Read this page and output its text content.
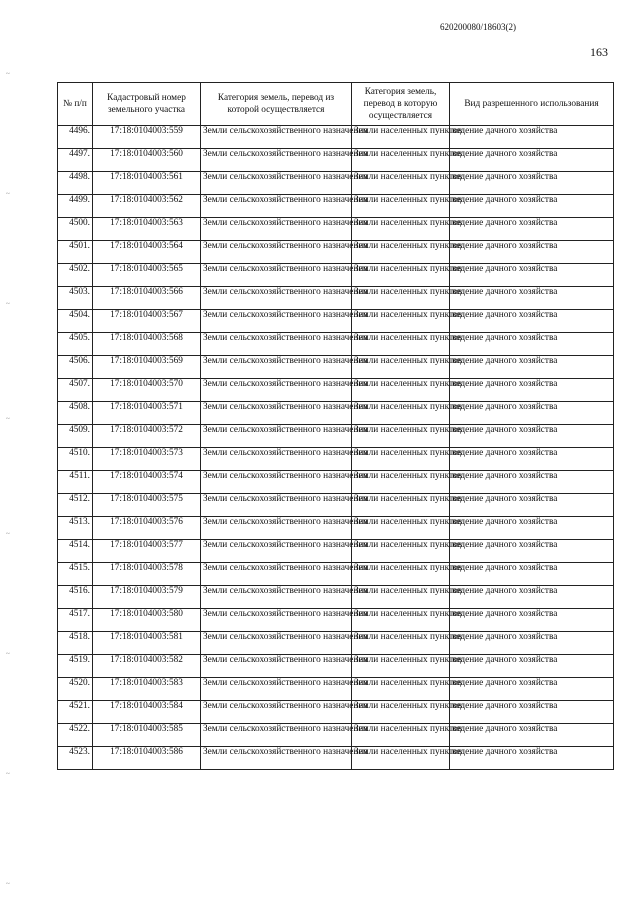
~
~
~
~
~
~
~
~
620200080/18603(2)
163
№ п/п	Кадастровый номер земельного участка	Категория земель, перевод из которой осуществляется	Категория земель, перевод в которую осуществляется	Вид разрешенного использования
4496.	17:18:0104003:559	Земли сельскохозяйственного назначения	Земли населенных пунктов	ведение дачного хозяйства
4497.	17:18:0104003:560	Земли сельскохозяйственного назначения	Земли населенных пунктов	ведение дачного хозяйства
4498.	17:18:0104003:561	Земли сельскохозяйственного назначения	Земли населенных пунктов	ведение дачного хозяйства
4499.	17:18:0104003:562	Земли сельскохозяйственного назначения	Земли населенных пунктов	ведение дачного хозяйства
4500.	17:18:0104003:563	Земли сельскохозяйственного назначения	Земли населенных пунктов	ведение дачного хозяйства
4501.	17:18:0104003:564	Земли сельскохозяйственного назначения	Земли населенных пунктов	ведение дачного хозяйства
4502.	17:18:0104003:565	Земли сельскохозяйственного назначения	Земли населенных пунктов	ведение дачного хозяйства
4503.	17:18:0104003:566	Земли сельскохозяйственного назначения	Земли населенных пунктов	ведение дачного хозяйства
4504.	17:18:0104003:567	Земли сельскохозяйственного назначения	Земли населенных пунктов	ведение дачного хозяйства
4505.	17:18:0104003:568	Земли сельскохозяйственного назначения	Земли населенных пунктов	ведение дачного хозяйства
4506.	17:18:0104003:569	Земли сельскохозяйственного назначения	Земли населенных пунктов	ведение дачного хозяйства
4507.	17:18:0104003:570	Земли сельскохозяйственного назначения	Земли населенных пунктов	ведение дачного хозяйства
4508.	17:18:0104003:571	Земли сельскохозяйственного назначения	Земли населенных пунктов	ведение дачного хозяйства
4509.	17:18:0104003:572	Земли сельскохозяйственного назначения	Земли населенных пунктов	ведение дачного хозяйства
4510.	17:18:0104003:573	Земли сельскохозяйственного назначения	Земли населенных пунктов	ведение дачного хозяйства
4511.	17:18:0104003:574	Земли сельскохозяйственного назначения	Земли населенных пунктов	ведение дачного хозяйства
4512.	17:18:0104003:575	Земли сельскохозяйственного назначения	Земли населенных пунктов	ведение дачного хозяйства
4513.	17:18:0104003:576	Земли сельскохозяйственного назначения	Земли населенных пунктов	ведение дачного хозяйства
4514.	17:18:0104003:577	Земли сельскохозяйственного назначения	Земли населенных пунктов	ведение дачного хозяйства
4515.	17:18:0104003:578	Земли сельскохозяйственного назначения	Земли населенных пунктов	ведение дачного хозяйства
4516.	17:18:0104003:579	Земли сельскохозяйственного назначения	Земли населенных пунктов	ведение дачного хозяйства
4517.	17:18:0104003:580	Земли сельскохозяйственного назначения	Земли населенных пунктов	ведение дачного хозяйства
4518.	17:18:0104003:581	Земли сельскохозяйственного назначения	Земли населенных пунктов	ведение дачного хозяйства
4519.	17:18:0104003:582	Земли сельскохозяйственного назначения	Земли населенных пунктов	ведение дачного хозяйства
4520.	17:18:0104003:583	Земли сельскохозяйственного назначения	Земли населенных пунктов	ведение дачного хозяйства
4521.	17:18:0104003:584	Земли сельскохозяйственного назначения	Земли населенных пунктов	ведение дачного хозяйства
4522.	17:18:0104003:585	Земли сельскохозяйственного назначения	Земли населенных пунктов	ведение дачного хозяйства
4523.	17:18:0104003:586	Земли сельскохозяйственного назначения	Земли населенных пунктов	ведение дачного хозяйства
